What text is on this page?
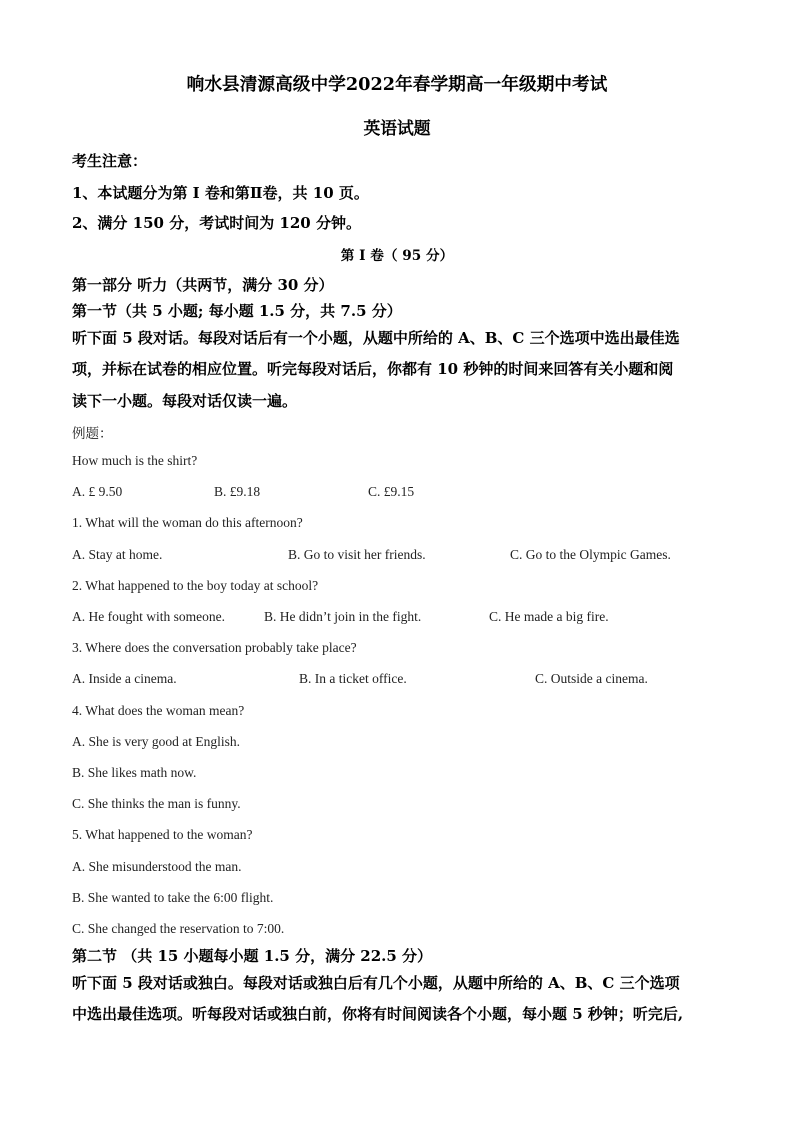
响水县清源高级中学2022年春学期高一年级期中考试
英语试题
考生注意：
1、本试题分为第 I 卷和第Ⅱ卷，共 10 页。
2、满分 150 分，考试时间为 120 分钟。
第 I 卷（ 95 分）
第一部分 听力（共两节，满分 30 分）
第一节（共 5 小题; 每小题 1.5 分，共 7.5 分）
听下面 5 段对话。每段对话后有一个小题，从题中所给的 A、B、C 三个选项中选出最佳选
项，并标在试卷的相应位置。听完每段对话后，你都有 10 秒钟的时间来回答有关小题和阅
读下一小题。每段对话仅读一遍。
例题：
How much is the shirt?
A. £ 9.50	B. £9.18	C. £9.15
1. What will the woman do this afternoon?
A. Stay at home.	B. Go to visit her friends.	C. Go to the Olympic Games.
2. What happened to the boy today at school?
A. He fought with someone.	B. He didn’t join in the fight.	C. He made a big fire.
3. Where does the conversation probably take place?
A. Inside a cinema.	B. In a ticket office.	C. Outside a cinema.
4. What does the woman mean?
A. She is very good at English.
B. She likes math now.
C. She thinks the man is funny.
5. What happened to the woman?
A. She misunderstood the man.
B. She wanted to take the 6:00 flight.
C. She changed the reservation to 7:00.
第二节 （共 15 小题每小题 1.5 分，满分 22.5 分）
听下面 5 段对话或独白。每段对话或独白后有几个小题，从题中所给的 A、B、C 三个选项
中选出最佳选项。听每段对话或独白前，你将有时间阅读各个小题，每小题 5 秒钟；听完后,
